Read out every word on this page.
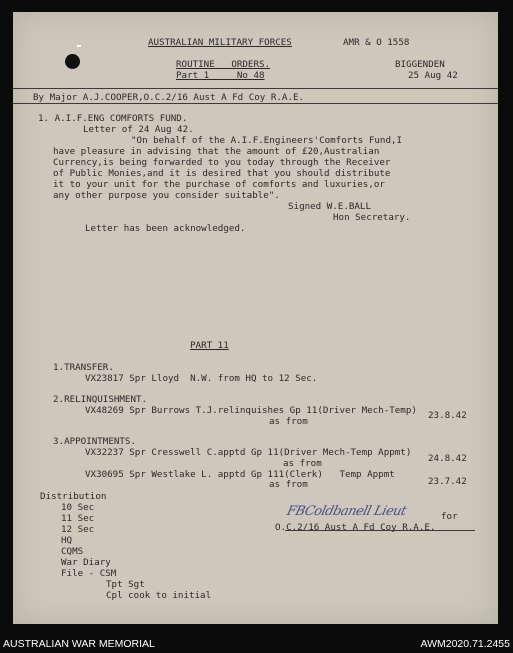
AUSTRALIAN MILITARY FORCES	AMR & O 1558
ROUTINE   ORDERS.
Part 1     No 48
BIGGENDEN
25 Aug 42
By Major A.J.COOPER,O.C.2/16 Aust A Fd Coy R.A.E.
1. A.I.F.ENG COMFORTS FUND.
Letter of 24 Aug 42.
"On behalf of the A.I.F.Engineers'Comforts Fund,I
have pleasure in advising that the amount of £20,Australian
Currency,is being forwarded to you today through the Receiver
of Public Monies,and it is desired that you should distribute
it to your unit for the purchase of comforts and luxuries,or
any other purpose you consider suitable".
Signed W.E.BALL
Hon Secretary.
Letter has been acknowledged.
PART 11
1.TRANSFER.
VX23817 Spr Lloyd  N.W. from HQ to 12 Sec.
2.RELINQUISHMENT.
VX48269 Spr Burrows T.J.relinquishes Gp 11(Driver Mech-Temp)
as from
23.8.42
3.APPOINTMENTS.
VX32237 Spr Cresswell C.apptd Gp 11(Driver Mech-Temp Appmt)
as from	24.8.42
VX30695 Spr Westlake L. apptd Gp 111(Clerk)   Temp Appmt
as from	23.7.42
Distribution
10 Sec
11 Sec
12 Sec
HQ
CQMS
War Diary
File - CSM
Tpt Sgt
Cpl cook to initial
FBColdbanell Lieut	for
O.C.2/16 Aust A Fd Coy R.A.E.
AUSTRALIAN WAR MEMORIAL	AWM2020.71.2455
